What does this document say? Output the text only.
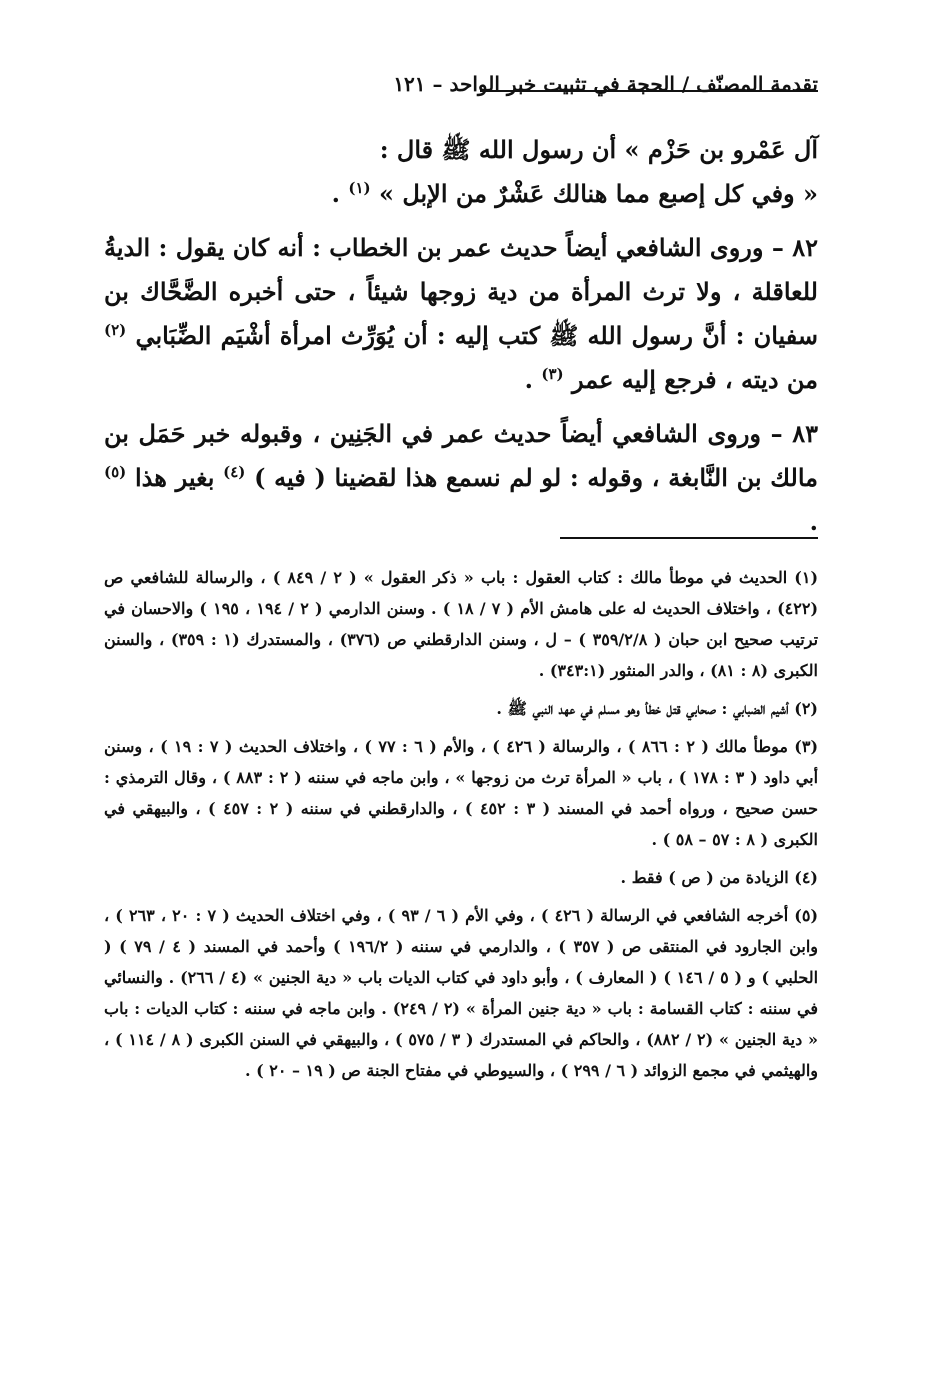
تقدمة المصنّف / الحجة في تثبيت خبر الواحد – ١٢١

آل عَمْرو بن حَزْم » أن رسول الله ﷺ قال :

« وفي كل إصبع مما هنالك عَشْرٌ من الإبل » $^{(١)}$ .

٨٢ – وروى الشافعي أيضاً حديث عمر بن الخطاب : أنه كان يقول : الديةُ للعاقلة ، ولا ترث المرأة من دية زوجها شيئاً ، حتى أخبره الضَّحَّاك بن سفيان : أنَّ رسول الله ﷺ كتب إليه : أن يُوَرِّث امرأة أشْيَم الضِّبَابي $^{(٢)}$ من ديته ، فرجع إليه عمر $^{(٣)}$ .

٨٣ – وروى الشافعي أيضاً حديث عمر في الجَنِين ، وقبوله خبر حَمَل بن مالك بن النَّابغة ، وقوله : لو لم نسمع هذا لقضينا ( فيه ) $^{(٤)}$ بغير هذا $^{(٥)}$ .

(١) الحديث في موطأ مالك : كتاب العقول : باب « ذكر العقول » ( ٢ / ٨٤٩ ) ، والرسالة للشافعي ص (٤٢٢) ، واختلاف الحديث له على هامش الأم ( ٧ / ١٨ ) . وسنن الدارمي ( ٢ / ١٩٤ ، ١٩٥ ) والاحسان في ترتيب صحيح ابن حبان ( ٣٥٩/٢/٨ ) – ل ، وسنن الدارقطني ص (٣٧٦) ، والمستدرك (١ : ٣٥٩) ، والسنن الكبرى (٨ : ٨١) ، والدر المنثور (٣٤٣:١) .

(٢) أشيم الضبابي : صحابي قتل خطأ وهو مسلم في عهد النبي ﷺ .

(٣) موطأ مالك ( ٢ : ٨٦٦ ) ، والرسالة ( ٤٢٦ ) ، والأم ( ٦ : ٧٧ ) ، واختلاف الحديث ( ٧ : ١٩ ) ، وسنن أبي داود ( ٣ : ١٧٨ ) ، باب « المرأة ترث من زوجها » ، وابن ماجه في سننه ( ٢ : ٨٨٣ ) ، وقال الترمذي : حسن صحيح ، ورواه أحمد في المسند ( ٣ : ٤٥٢ ) ، والدارقطني في سننه ( ٢ : ٤٥٧ ) ، والبيهقي في الكبرى ( ٨ : ٥٧ – ٥٨ ) .

(٤) الزيادة من ( ص ) فقط .

(٥) أخرجه الشافعي في الرسالة ( ٤٢٦ ) ، وفي الأم ( ٦ / ٩٣ ) ، وفي اختلاف الحديث ( ٧ : ٢٠ ، ٢٦٣ ) ، وابن الجارود في المنتقى ص ( ٣٥٧ ) ، والدارمي في سننه ( ١٩٦/٢ ) وأحمد في المسند ( ٤ / ٧٩ ) ( الحلبي ) و ( ٥ / ١٤٦ ) ( المعارف ) ، وأبو داود في كتاب الديات باب « دية الجنين » (٤ / ٢٦٦) . والنسائي في سننه : كتاب القسامة : باب « دية جنين المرأة » (٢ / ٢٤٩) . وابن ماجه في سننه : كتاب الديات : باب « دية الجنين » (٢ / ٨٨٢) ، والحاكم في المستدرك ( ٣ / ٥٧٥ ) ، والبيهقي في السنن الكبرى ( ٨ / ١١٤ ) ، والهيثمي في مجمع الزوائد ( ٦ / ٢٩٩ ) ، والسيوطي في مفتاح الجنة ص ( ١٩ – ٢٠ ) .
